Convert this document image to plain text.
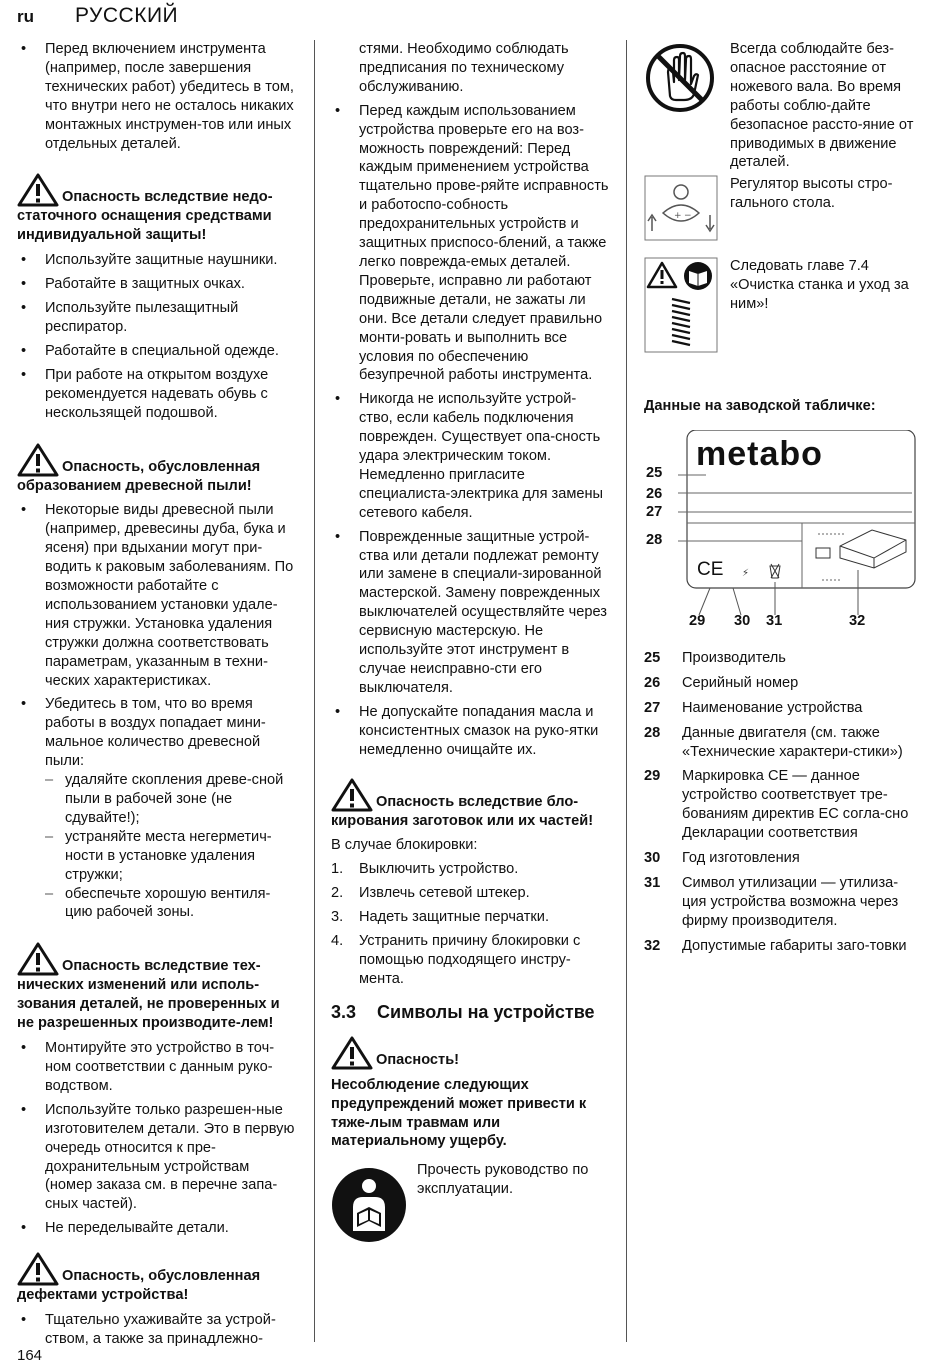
ru РУССКИЙ
• Перед включением инструмента (например, после завершения технических работ) убедитесь в том, что внутри него не осталось никаких монтажных инструмен-тов или иных отдельных деталей.
Опасность вследствие недо-статочного оснащения средствами индивидуальной защиты!
• Используйте защитные наушники.
• Работайте в защитных очках.
• Используйте пылезащитный респиратор.
• Работайте в специальной одежде.
• При работе на открытом воздухе рекомендуется надевать обувь с нескользящей подошвой.
Опасность, обусловленная образованием древесной пыли!
• Некоторые виды древесной пыли (например, древесины дуба, бука и ясеня) при вдыхании могут при-водить к раковым заболеваниям. По возможности работайте с использованием установки удале-ния стружки. Установка удаления стружки должна соответствовать параметрам, указанным в техни-ческих характеристиках.
• Убедитесь в том, что во время работы в воздух попадает мини-мальное количество древесной пыли:
– удаляйте скопления древе-сной пыли в рабочей зоне (не сдувайте!);
– устраняйте места негерметич-ности в установке удаления стружки;
– обеспечьте хорошую вентиля-цию рабочей зоны.
Опасность вследствие тех-нических изменений или исполь-зования деталей, не проверенных и не разрешенных производите-лем!
• Монтируйте это устройство в точ-ном соответствии с данным руко-водством.
• Используйте только разрешен-ные изготовителем детали. Это в первую очередь относится к пре-дохранительным устройствам (номер заказа см. в перечне запа-сных частей).
• Не переделывайте детали.
Опасность, обусловленная дефектами устройства!
• Тщательно ухаживайте за устрой-ством, а также за принадлежно-
стями. Необходимо соблюдать предписания по техническому обслуживанию.
• Перед каждым использованием устройства проверьте его на воз-можность повреждений: Перед каждым применением устройства тщательно прове-ряйте исправность и работоспо-собность предохранительных устройств и защитных приспосо-блений, а также легко поврежда-емых деталей. Проверьте, исправно ли работают подвижные детали, не зажаты ли они. Все детали следует правильно монти-ровать и выполнить все условия по обеспечению безупречной работы инструмента.
• Никогда не используйте устрой-ство, если кабель подключения поврежден. Существует опа-сность удара электрическим током. Немедленно пригласите специалиста-электрика для замены сетевого кабеля.
• Поврежденные защитные устрой-ства или детали подлежат ремонту или замене в специали-зированной мастерской. Замену поврежденных выключателей осуществляйте через сервисную мастерскую. Не используйте этот инструмент в случае неисправно-сти его выключателя.
• Не допускайте попадания масла и консистентных смазок на руко-ятки немедленно очищайте их.
Опасность вследствие бло-кирования заготовок или их частей!
В случае блокировки:
1. Выключить устройство.
2. Извлечь сетевой штекер.
3. Надеть защитные перчатки.
4. Устранить причину блокировки с помощью подходящего инстру-мента.
3.3 Символы на устройстве
Опасность!
Несоблюдение следующих предупреждений может привести к тяже-лым травмам или материальному ущербу.
Прочесть руководство по эксплуатации.
Всегда соблюдайте без-опасное расстояние от ножевого вала. Во время работы соблю-дайте безопасное рассто-яние от приводимых в движение деталей.
+ −
Регулятор высоты стро-гального стола.
Следовать главе 7.4 «Очистка станка и уход за ним»!
Данные на заводской табличке:
⚡
metabo
CE
25
26
27
28
29 30 31	32
25 Производитель
26 Серийный номер
27 Наименование устройства
28 Данные двигателя (см. также «Технические характери-стики»)
29 Маркировка CE — данное устройство соответствует тре-бованиям директив ЕС согла-сно Декларации соответствия
30 Год изготовления
31 Символ утилизации — утилиза-ция устройства возможна через фирму производителя.
32 Допустимые габариты заго-товки
164
